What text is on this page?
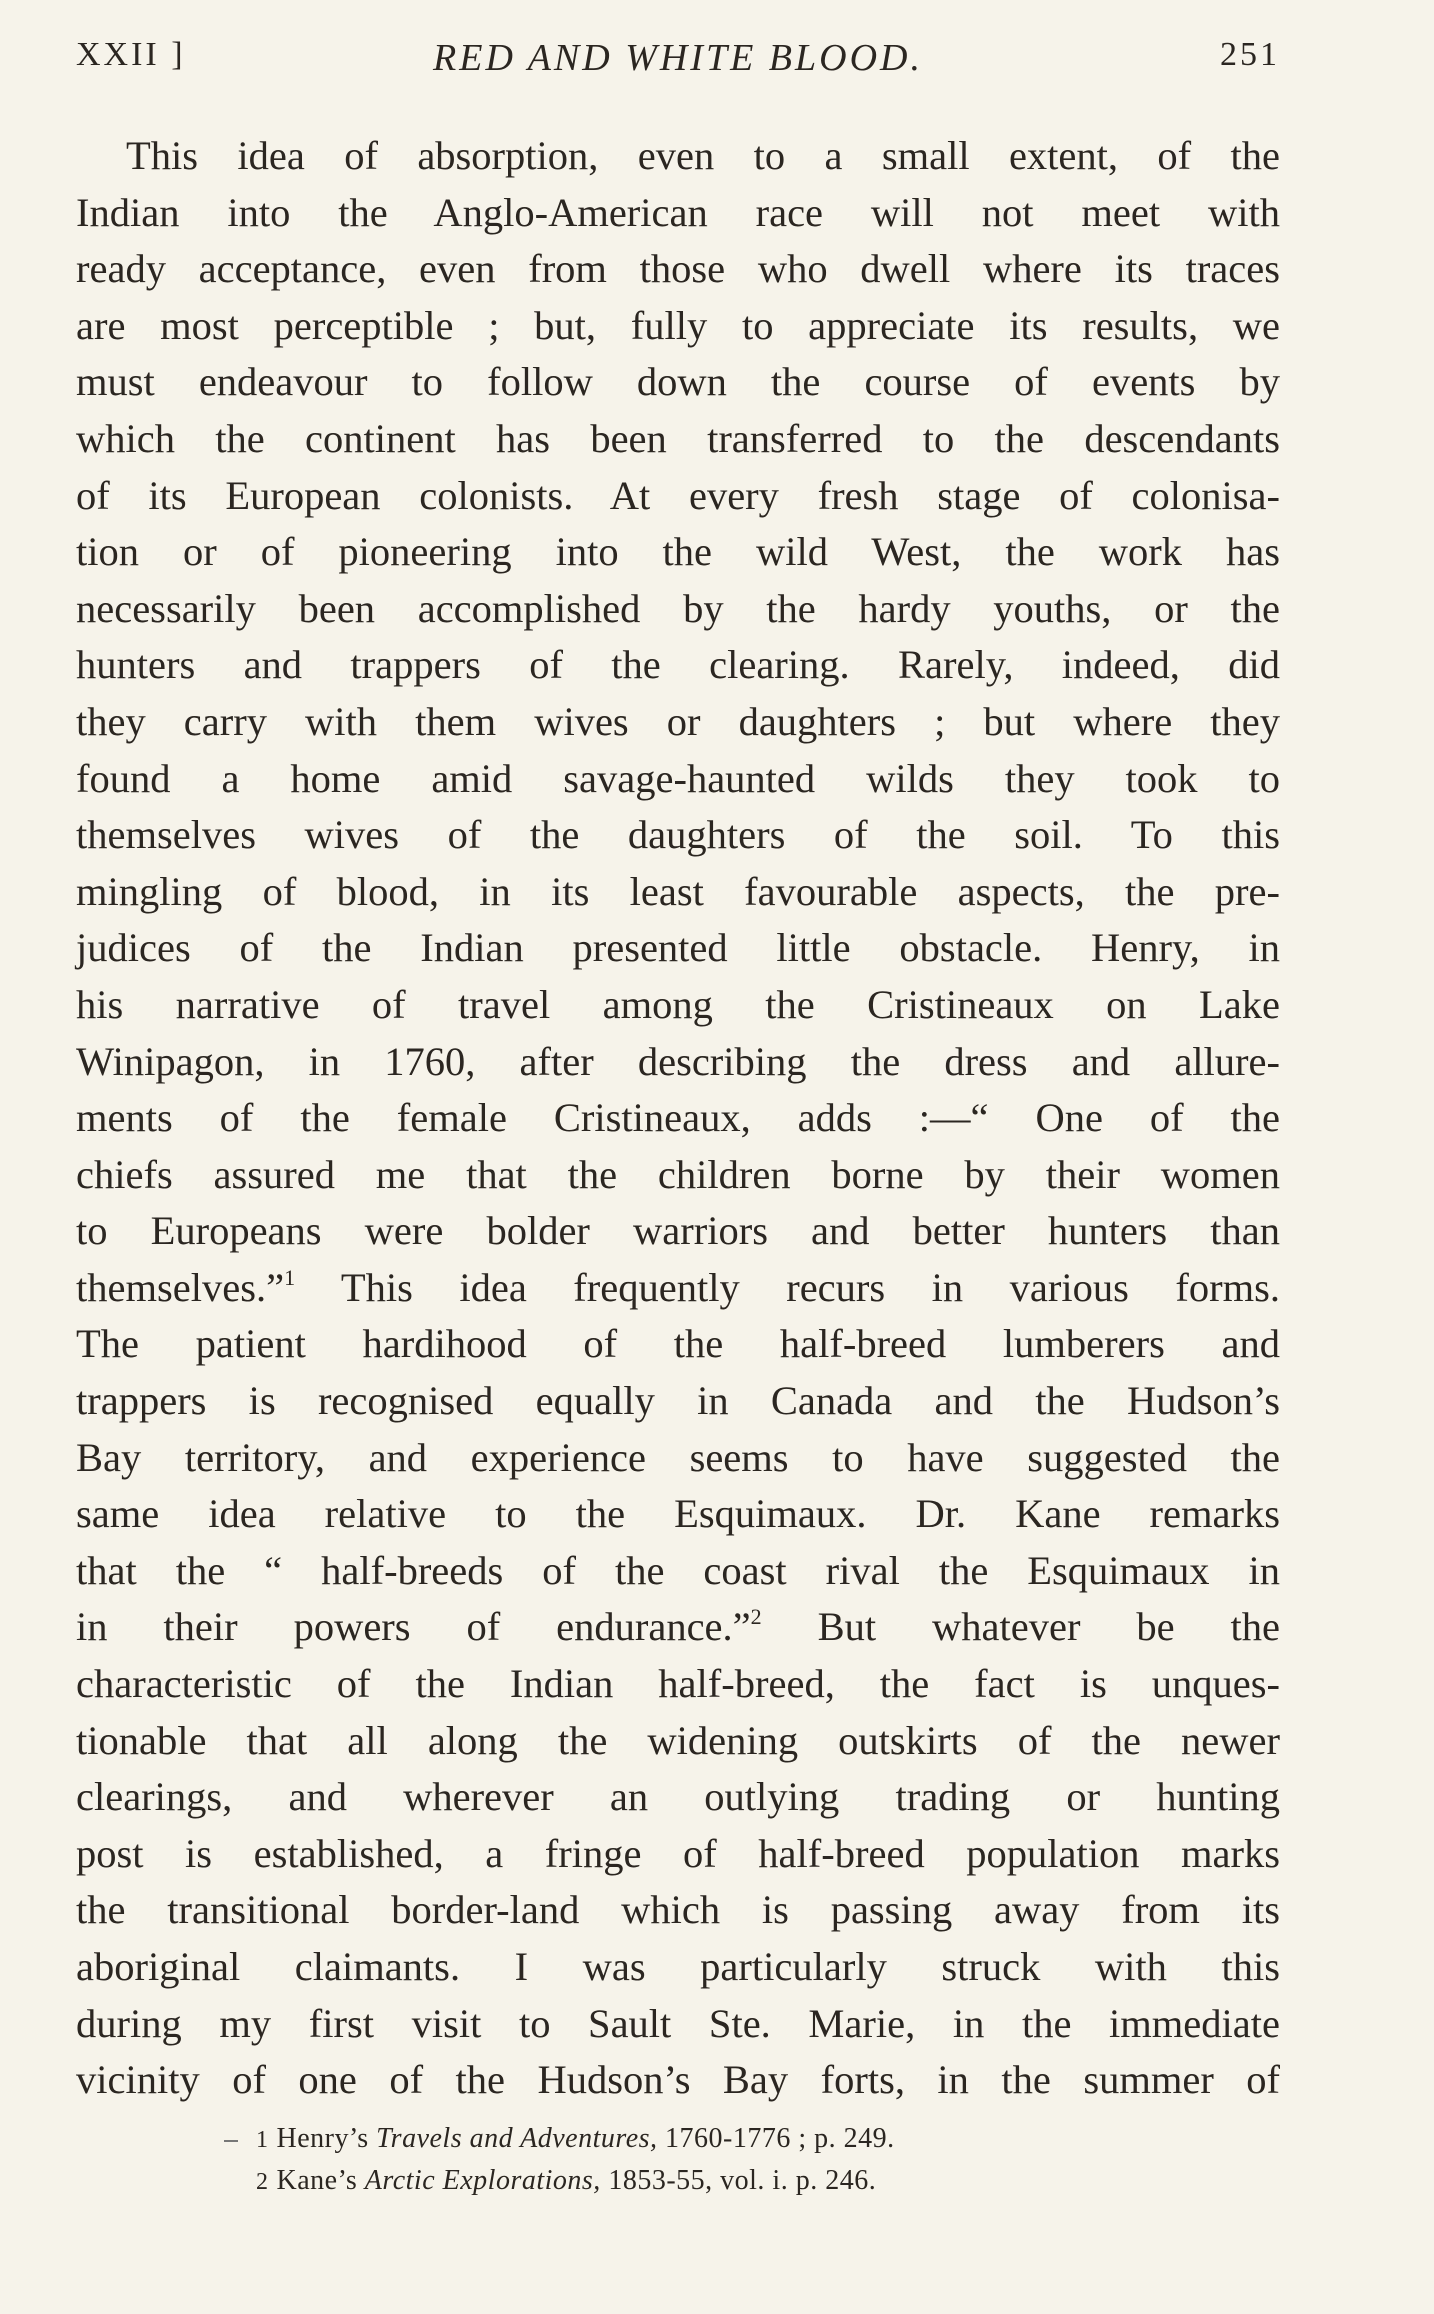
XXII ]	RED AND WHITE BLOOD.	251
This idea of absorption, even to a small extent, of the
Indian into the Anglo-American race will not meet with
ready acceptance, even from those who dwell where its traces
are most perceptible ; but, fully to appreciate its results, we
must endeavour to follow down the course of events by
which the continent has been transferred to the descendants
of its European colonists. At every fresh stage of colonisa-
tion or of pioneering into the wild West, the work has
necessarily been accomplished by the hardy youths, or the
hunters and trappers of the clearing. Rarely, indeed, did
they carry with them wives or daughters ; but where they
found a home amid savage-haunted wilds they took to
themselves wives of the daughters of the soil. To this
mingling of blood, in its least favourable aspects, the pre-
judices of the Indian presented little obstacle. Henry, in
his narrative of travel among the Cristineaux on Lake
Winipagon, in 1760, after describing the dress and allure-
ments of the female Cristineaux, adds :—“ One of the
chiefs assured me that the children borne by their women
to Europeans were bolder warriors and better hunters than
themselves.”$^1$ This idea frequently recurs in various forms.
The patient hardihood of the half-breed lumberers and
trappers is recognised equally in Canada and the Hudson’s
Bay territory, and experience seems to have suggested the
same idea relative to the Esquimaux. Dr. Kane remarks
that the “ half-breeds of the coast rival the Esquimaux in
in their powers of endurance.”$^2$ But whatever be the
characteristic of the Indian half-breed, the fact is unques-
tionable that all along the widening outskirts of the newer
clearings, and wherever an outlying trading or hunting
post is established, a fringe of half-breed population marks
the transitional border-land which is passing away from its
aboriginal claimants. I was particularly struck with this
during my first visit to Sault Ste. Marie, in the immediate
vicinity of one of the Hudson’s Bay forts, in the summer of
1 Henry’s Travels and Adventures, 1760-1776 ; p. 249.
2 Kane’s Arctic Explorations, 1853-55, vol. i. p. 246.
